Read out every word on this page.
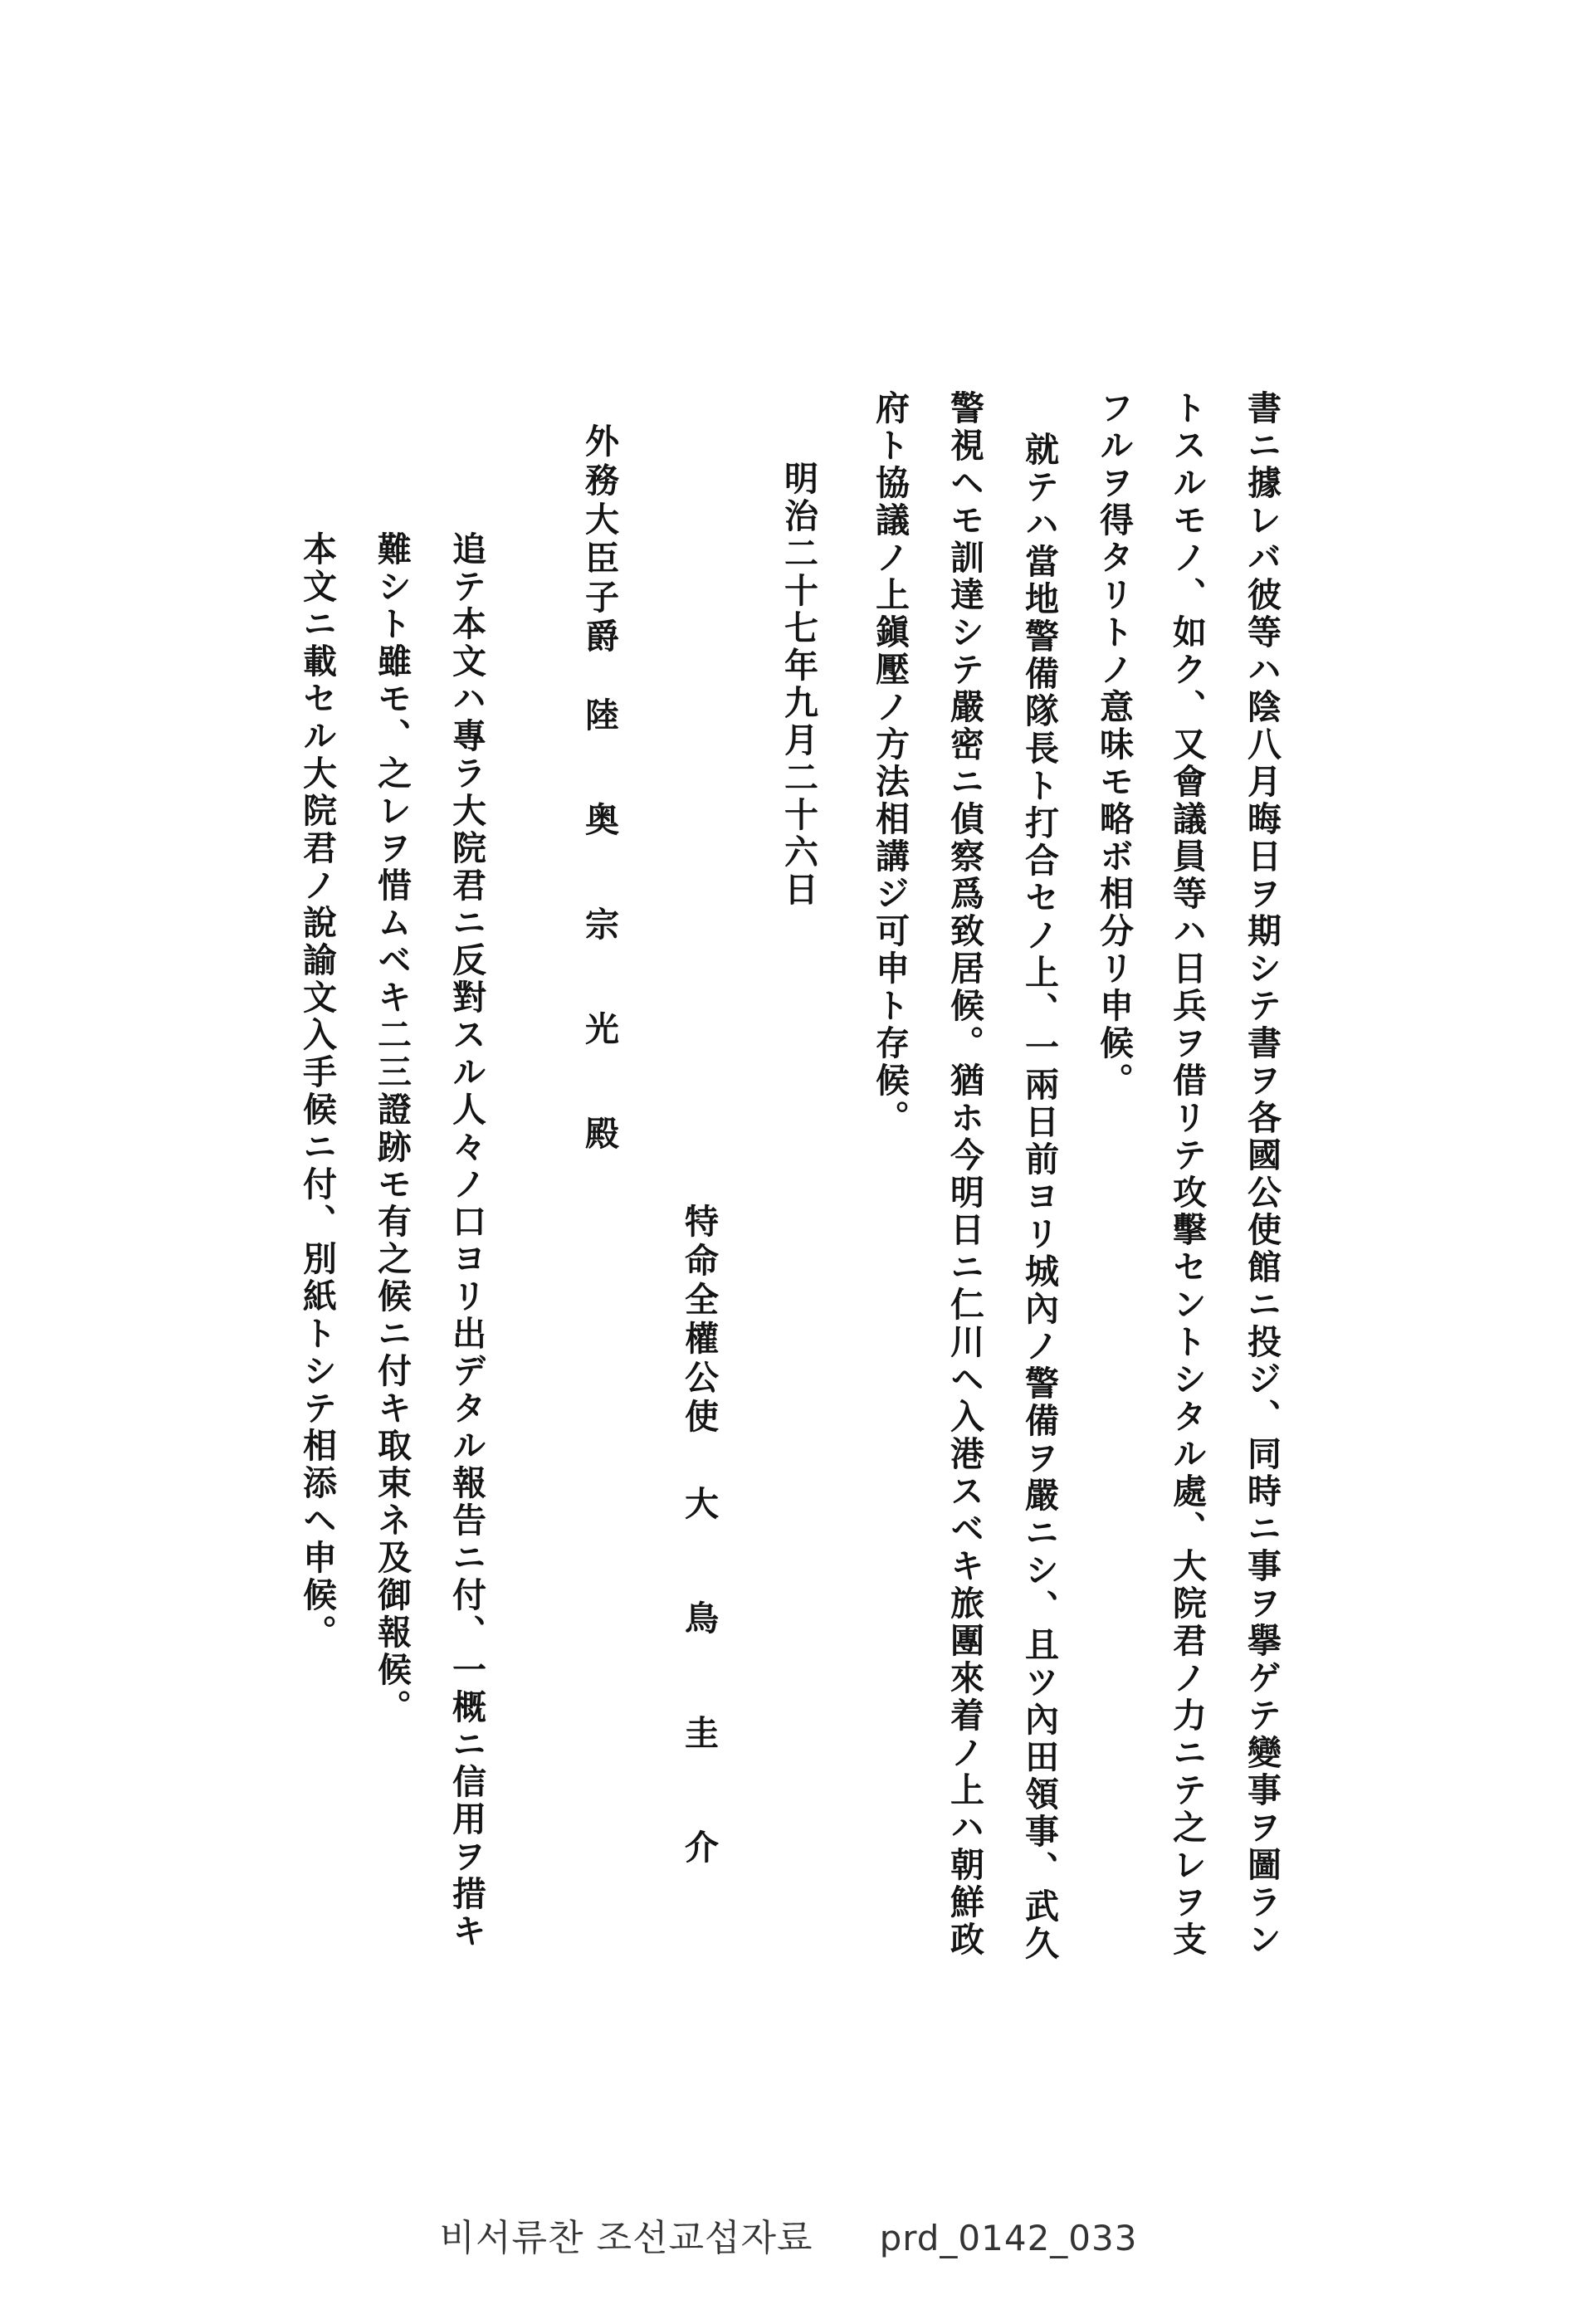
書ニ據レバ彼等ハ陰八月晦日ヲ期シテ書ヲ各國公使館ニ投ジ、同時ニ事ヲ擧ゲテ變事ヲ圖ラン
トスルモノ、如ク、又會議員等ハ日兵ヲ借リテ攻擊セントシタル處、大院君ノ力ニテ之レヲ支
フルヲ得タリトノ意味モ略ボ相分リ申候。
就テハ當地警備隊長ト打合セノ上、一兩日前ヨリ城內ノ警備ヲ嚴ニシ、且ツ內田領事、武久
警視ヘモ訓達シテ嚴密ニ偵察爲致居候。猶ホ今明日ニ仁川ヘ入港スベキ旅團來着ノ上ハ朝鮮政
府ト協議ノ上鎭壓ノ方法相講ジ可申ト存候。
明治二十七年九月二十六日
特命全權公使
大　鳥　圭　介
外務大臣子爵
陸　奥　宗　光　殿
追テ本文ハ專ラ大院君ニ反對スル人々ノ口ヨリ出デタル報告ニ付、一概ニ信用ヲ措キ
難シト雖モ、之レヲ惜ムベキ二三證跡モ有之候ニ付キ取束ネ及御報候。
本文ニ載セル大院君ノ說諭文入手候ニ付、別紙トシテ相添ヘ申候。
비서류찬 조선교섭자료 prd_0142_033
